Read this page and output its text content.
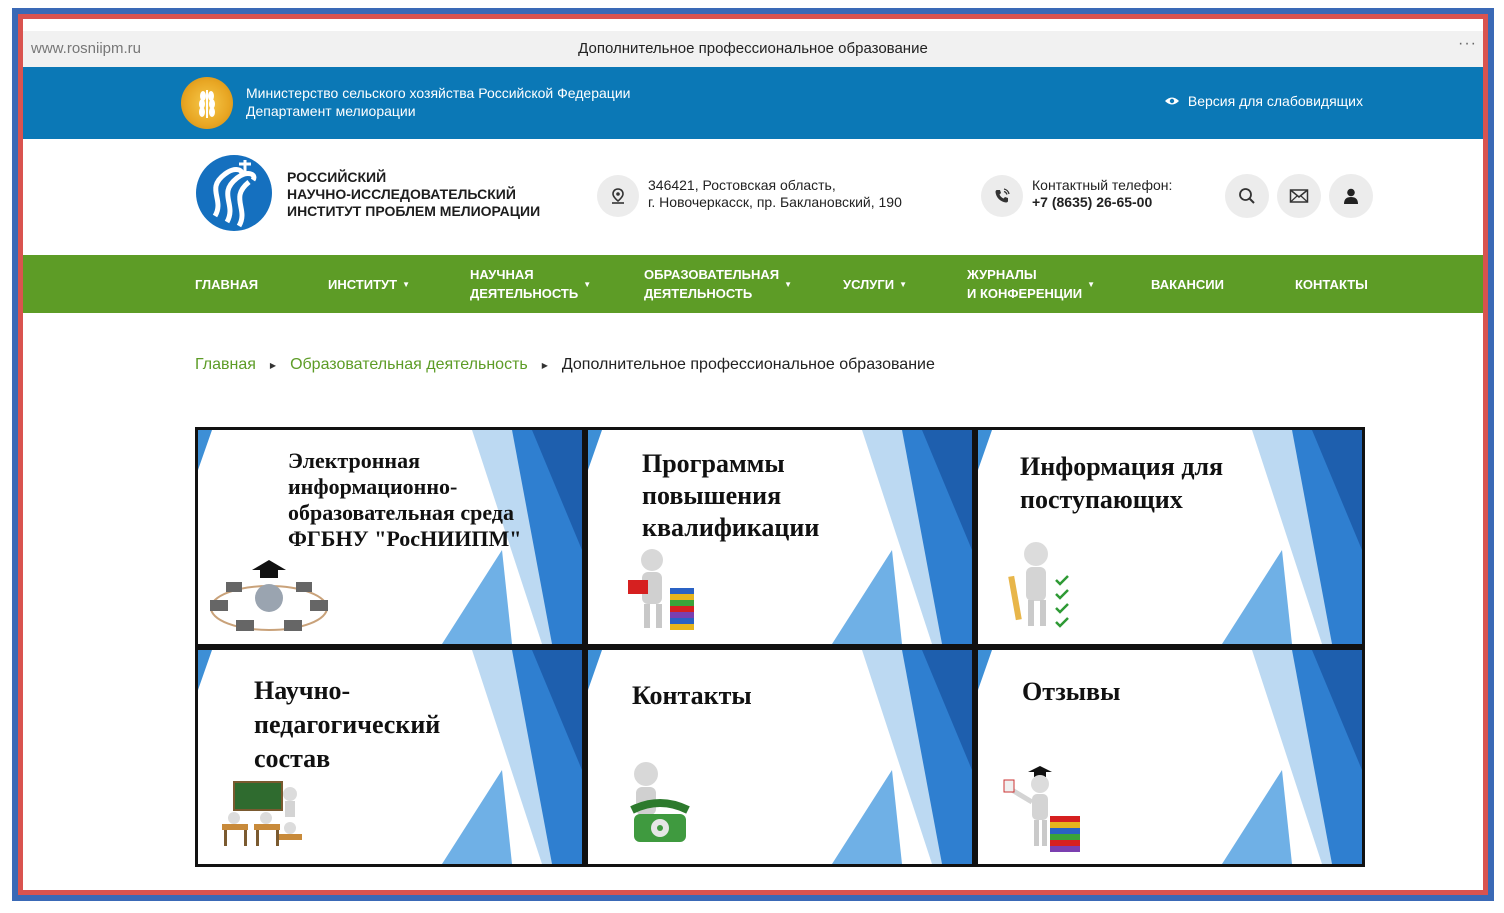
www.rosniipm.ru	Дополнительное профессиональное образование	···
Министерство сельского хозяйства Российской Федерации
Департамент мелиорации
Версия для слабовидящих
РОССИЙСКИЙ
НАУЧНО-ИССЛЕДОВАТЕЛЬСКИЙ
ИНСТИТУТ ПРОБЛЕМ МЕЛИОРАЦИИ
346421, Ростовская область,
г. Новочеркасск, пр. Баклановский, 190
Контактный телефон:
+7 (8635) 26-65-00
ГЛАВНАЯ	ИНСТИТУТ ▼
НАУЧНАЯ
ДЕЯТЕЛЬНОСТЬ
▼
ОБРАЗОВАТЕЛЬНАЯ
ДЕЯТЕЛЬНОСТЬ
▼	УСЛУГИ ▼
ЖУРНАЛЫ
И КОНФЕРЕНЦИИ
▼	ВАКАНСИИ	КОНТАКТЫ
Главная ▶ Образовательная деятельность ▶ Дополнительное профессиональное образование
Электронная
информационно-
образовательная среда
ФГБНУ "РосНИИПМ"
Программы
повышения
квалификации
Информация для
поступающих
Научно-
педагогический
состав
Контакты	Отзывы
